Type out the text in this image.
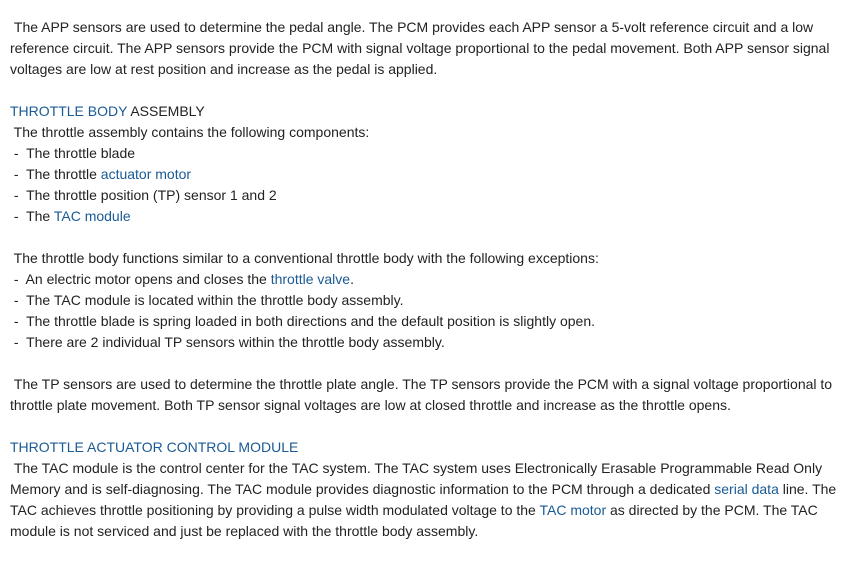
The APP sensors are used to determine the pedal angle. The PCM provides each APP sensor a 5-volt reference circuit and a low reference circuit. The APP sensors provide the PCM with signal voltage proportional to the pedal movement. Both APP sensor signal voltages are low at rest position and increase as the pedal is applied.

THROTTLE BODY ASSEMBLY
The throttle assembly contains the following components:
-  The throttle blade
-  The throttle actuator motor
-  The throttle position (TP) sensor 1 and 2
-  The TAC module
The throttle body functions similar to a conventional throttle body with the following exceptions:
-  An electric motor opens and closes the throttle valve.
-  The TAC module is located within the throttle body assembly.
-  The throttle blade is spring loaded in both directions and the default position is slightly open.
-  There are 2 individual TP sensors within the throttle body assembly.

The TP sensors are used to determine the throttle plate angle. The TP sensors provide the PCM with a signal voltage proportional to throttle plate movement. Both TP sensor signal voltages are low at closed throttle and increase as the throttle opens.

THROTTLE ACTUATOR CONTROL MODULE

The TAC module is the control center for the TAC system. The TAC system uses Electronically Erasable Programmable Read Only Memory and is self-diagnosing. The TAC module provides diagnostic information to the PCM through a dedicated serial data line. The TAC achieves throttle positioning by providing a pulse width modulated voltage to the TAC motor as directed by the PCM. The TAC module is not serviced and just be replaced with the throttle body assembly.
